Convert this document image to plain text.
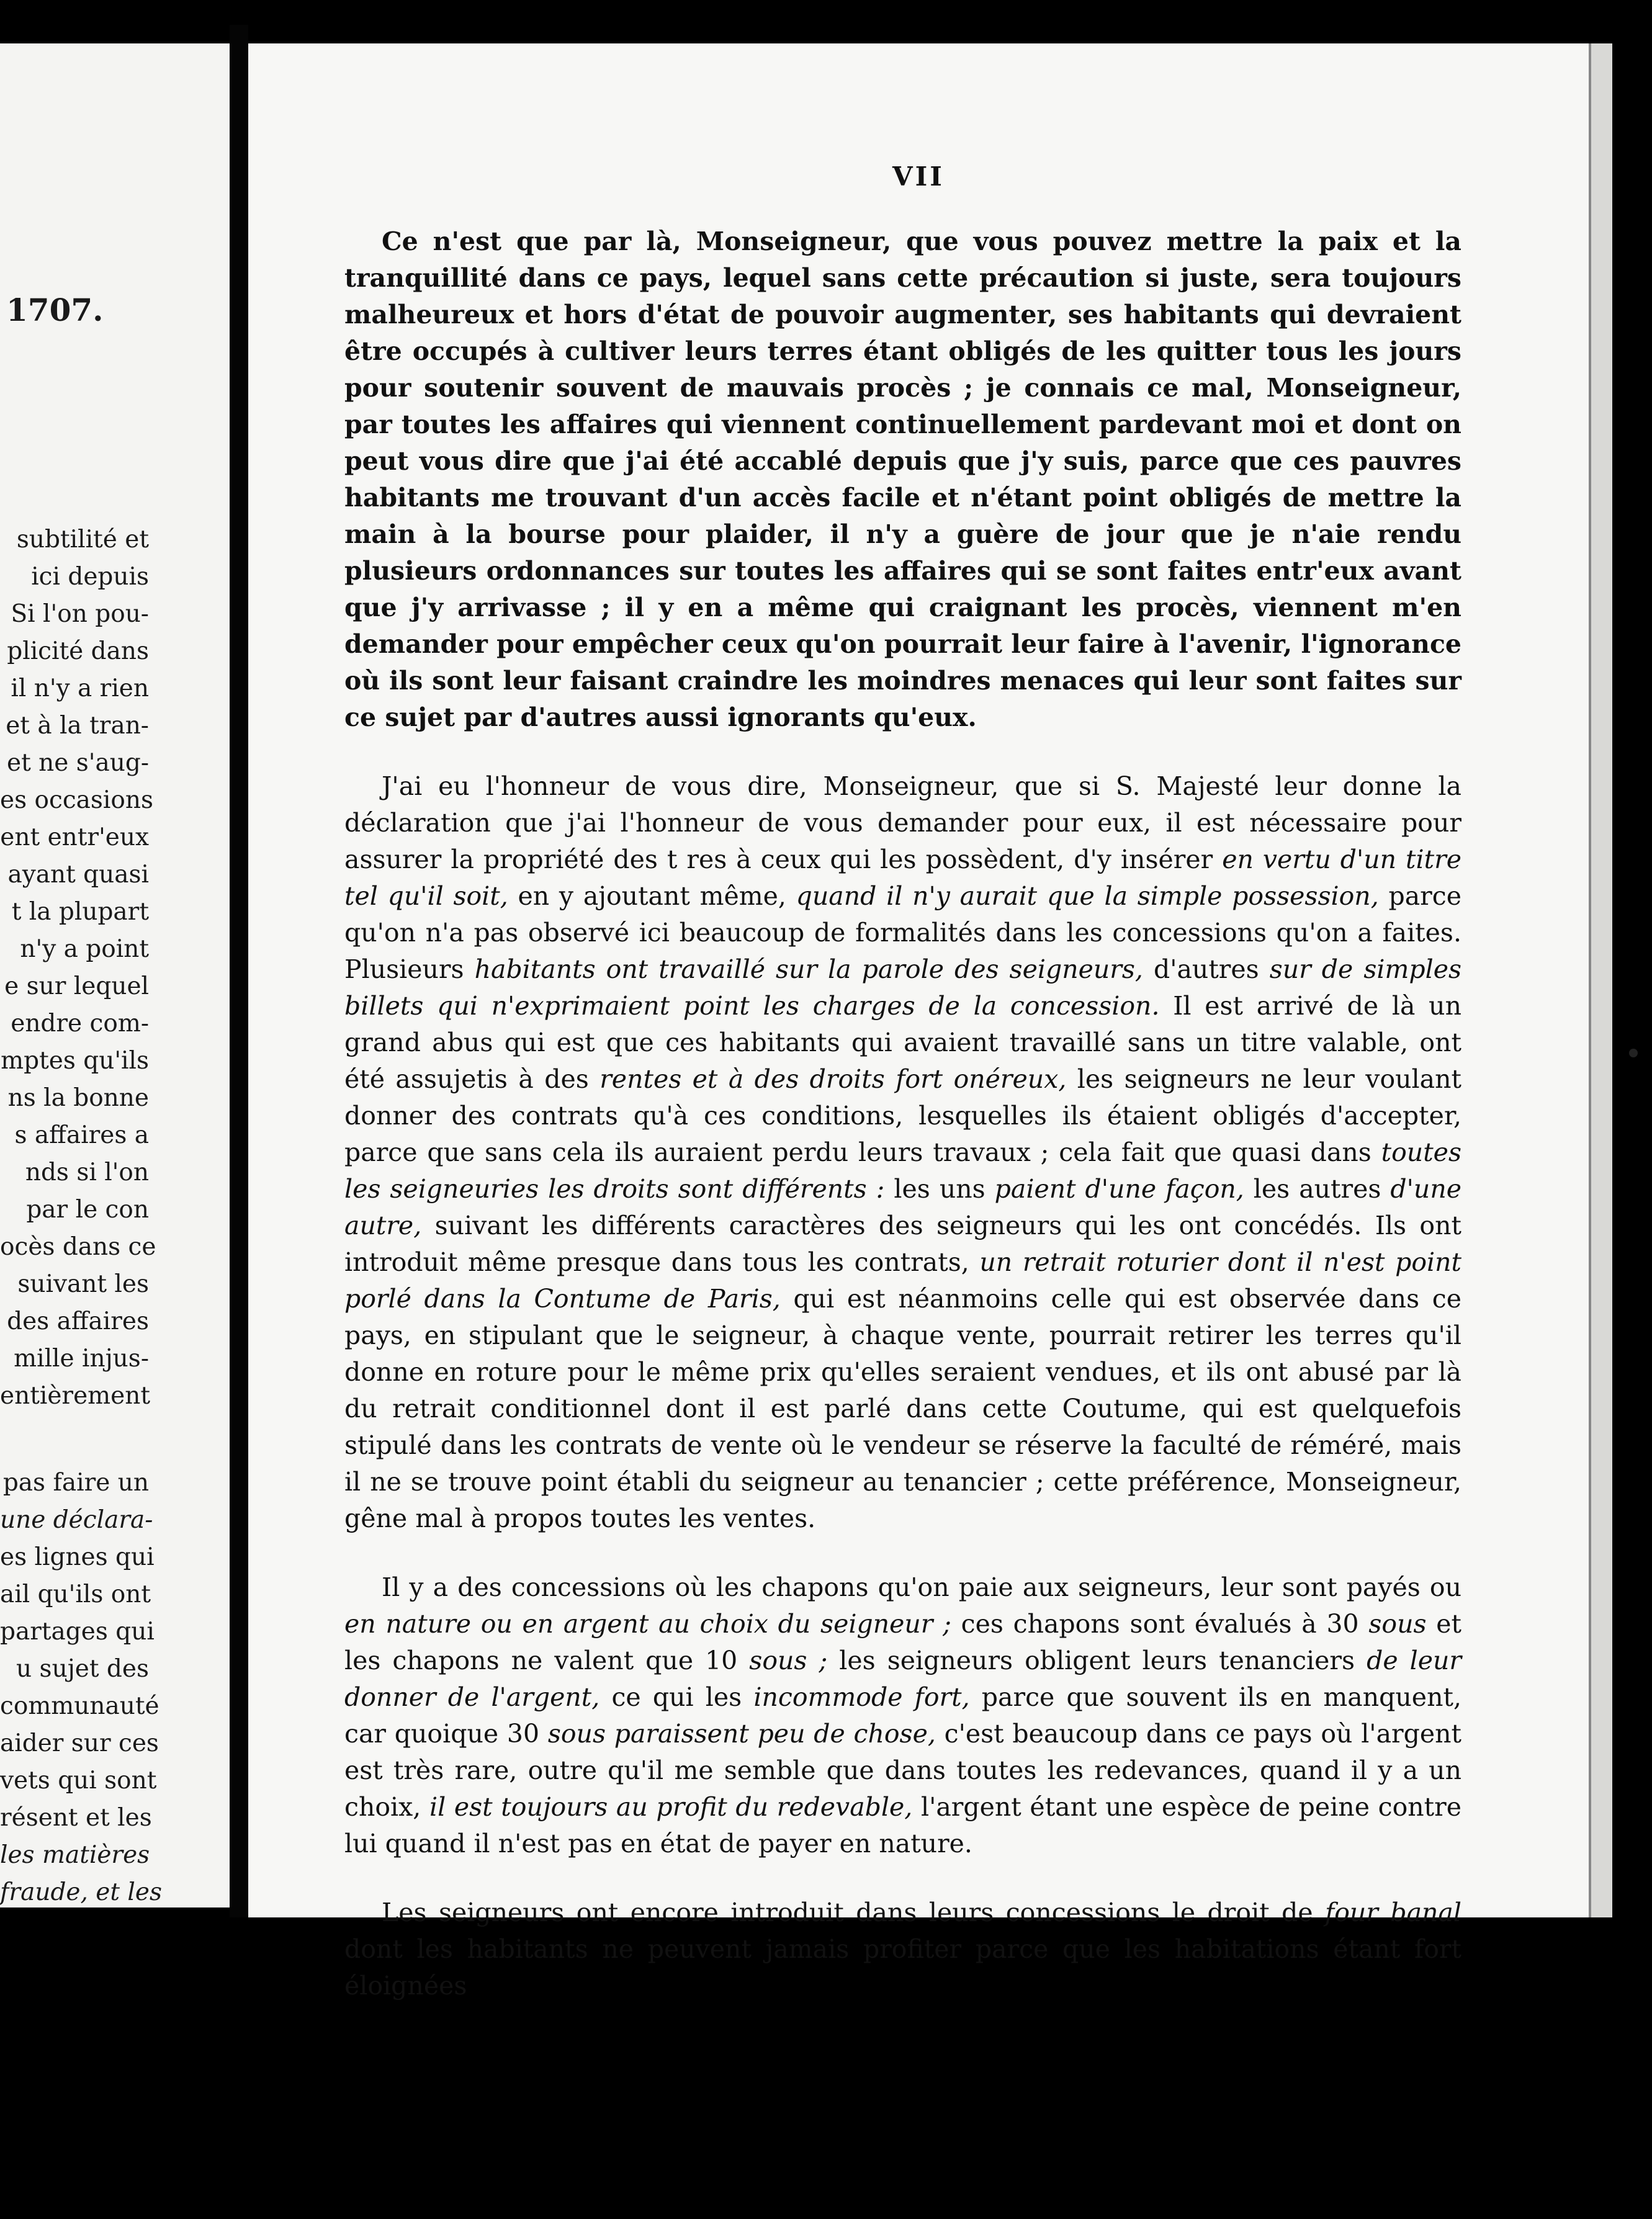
1707.
subtilité et
ici depuis
Si l'on pou-
plicité dans
il n'y a rien
et à la tran-
et ne s'aug-
es occasions
ent entr'eux
ayant quasi
t la plupart
n'y a point
e sur lequel
endre com-
mptes qu'ils
ns la bonne
s affaires a
nds si l'on
par le con
ocès dans ce
suivant les
des affaires
mille injus-
entièrement
pas faire un
une déclara-
es lignes qui
ail qu'ils ont
partages qui
u sujet des
communauté
aider sur ces
vets qui sont
résent et les
les matières
fraude, et les
VII

Ce n'est que par là, Monseigneur, que vous pouvez mettre la paix et la tranquillité dans ce pays, lequel sans cette précaution si juste, sera toujours malheureux et hors d'état de pouvoir augmenter, ses habitants qui devraient être occupés à cultiver leurs terres étant obligés de les quitter tous les jours pour soutenir souvent de mauvais procès ; je connais ce mal, Monseigneur, par toutes les affaires qui viennent continuellement pardevant moi et dont on peut vous dire que j'ai été accablé depuis que j'y suis, parce que ces pauvres habitants me trouvant d'un accès facile et n'étant point obligés de mettre la main à la bourse pour plaider, il n'y a guère de jour que je n'aie rendu plusieurs ordonnances sur toutes les affaires qui se sont faites entr'eux avant que j'y arrivasse ; il y en a même qui craignant les procès, viennent m'en demander pour empêcher ceux qu'on pourrait leur faire à l'avenir, l'ignorance où ils sont leur faisant craindre les moindres menaces qui leur sont faites sur ce sujet par d'autres aussi ignorants qu'eux.

J'ai eu l'honneur de vous dire, Monseigneur, que si S. Majesté leur donne la déclaration que j'ai l'honneur de vous demander pour eux, il est nécessaire pour assurer la propriété des t res à ceux qui les possèdent, d'y insérer en vertu d'un titre tel qu'il soit, en y ajoutant même, quand il n'y aurait que la simple possession, parce qu'on n'a pas observé ici beaucoup de formalités dans les concessions qu'on a faites. Plusieurs habitants ont travaillé sur la parole des seigneurs, d'autres sur de simples billets qui n'exprimaient point les charges de la concession. Il est arrivé de là un grand abus qui est que ces habitants qui avaient travaillé sans un titre valable, ont été assujetis à des rentes et à des droits fort onéreux, les seigneurs ne leur voulant donner des contrats qu'à ces conditions, lesquelles ils étaient obligés d'accepter, parce que sans cela ils auraient perdu leurs travaux ; cela fait que quasi dans toutes les seigneuries les droits sont différents : les uns paient d'une façon, les autres d'une autre, suivant les différents caractères des seigneurs qui les ont concédés. Ils ont introduit même presque dans tous les contrats, un retrait roturier dont il n'est point porlé dans la Contume de Paris, qui est néanmoins celle qui est observée dans ce pays, en stipulant que le seigneur, à chaque vente, pourrait retirer les terres qu'il donne en roture pour le même prix qu'elles seraient vendues, et ils ont abusé par là du retrait conditionnel dont il est parlé dans cette Coutume, qui est quelquefois stipulé dans les contrats de vente où le vendeur se réserve la faculté de réméré, mais il ne se trouve point établi du seigneur au tenancier ; cette préférence, Monseigneur, gêne mal à propos toutes les ventes.

Il y a des concessions où les chapons qu'on paie aux seigneurs, leur sont payés ou en nature ou en argent au choix du seigneur ; ces chapons sont évalués à 30 sous et les chapons ne valent que 10 sous ; les seigneurs obligent leurs tenanciers de leur donner de l'argent, ce qui les incommode fort, parce que souvent ils en manquent, car quoique 30 sous paraissent peu de chose, c'est beaucoup dans ce pays où l'argent est très rare, outre qu'il me semble que dans toutes les redevances, quand il y a un choix, il est toujours au profit du redevable, l'argent étant une espèce de peine contre lui quand il n'est pas en état de payer en nature.

Les seigneurs ont encore introduit dans leurs concessions le droit de four banal dont les habitants ne peuvent jamais profiter parce que les habitations étant fort éloignées
